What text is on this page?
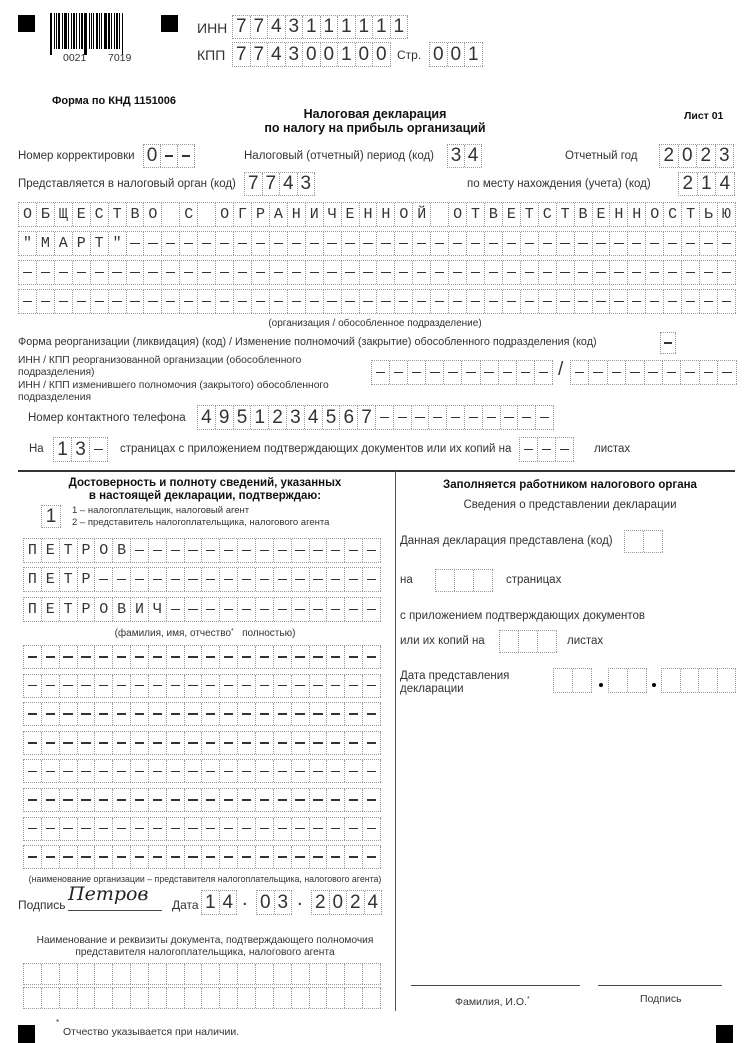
0021 7019
ИНН 7 7 4 3 1 1 1 1 1 1
КПП 7 7 4 3 0 0 1 0 0 Стр. 0 0 1
Форма по КНД 1151006
Налоговая декларация
по налогу на прибыль организаций
Лист 01
Номер корректировки 0	Налоговый (отчетный) период (код) 3 4	Отчетный год 2 0 2 3
Представляется в налоговый орган (код) 7 7 4 3	по месту нахождения (учета) (код) 2 1 4
О Б Щ Е С Т В О	С	О Г Р А Н И Ч Е Н Н О Й	О Т В Е Т С Т В Е Н Н О С Т Ь Ю
" М А Р Т "
(организация / обособленное подразделение)
Форма реорганизации (ликвидация) (код) / Изменение полномочий (закрытие) обособленного подразделения (код)
ИНН / КПП реорганизованной организации (обособленного подразделения)
ИНН / КПП изменившего полномочия (закрытого) обособленного подразделения
/
Номер контактного телефона 4 9 5 1 2 3 4 5 6 7
На 1 3	страницах с приложением подтверждающих документов или их копий на	листах
Достоверность и полноту сведений, указанных
в настоящей декларации, подтверждаю:
1	1 – налогоплательщик, налоговый агент
2 – представитель налогоплательщика, налогового агента
П Е Т Р О В
П Е Т Р
П Е Т Р О В И Ч
(фамилия, имя, отчество* полностью)
(наименование организации – представителя налогоплательщика, налогового агента)
Подпись Петров Дата 1 4 . 0 3 . 2 0 2 4
Наименование и реквизиты документа, подтверждающего полномочия
представителя налогоплательщика, налогового агента
*
Отчество указывается при наличии.
Заполняется работником налогового органа
Сведения о представлении декларации
Данная декларация представлена (код)
на	страницах
с приложением подтверждающих документов
или их копий на	листах
Дата представления
декларации
Фамилия, И.О.*	Подпись
